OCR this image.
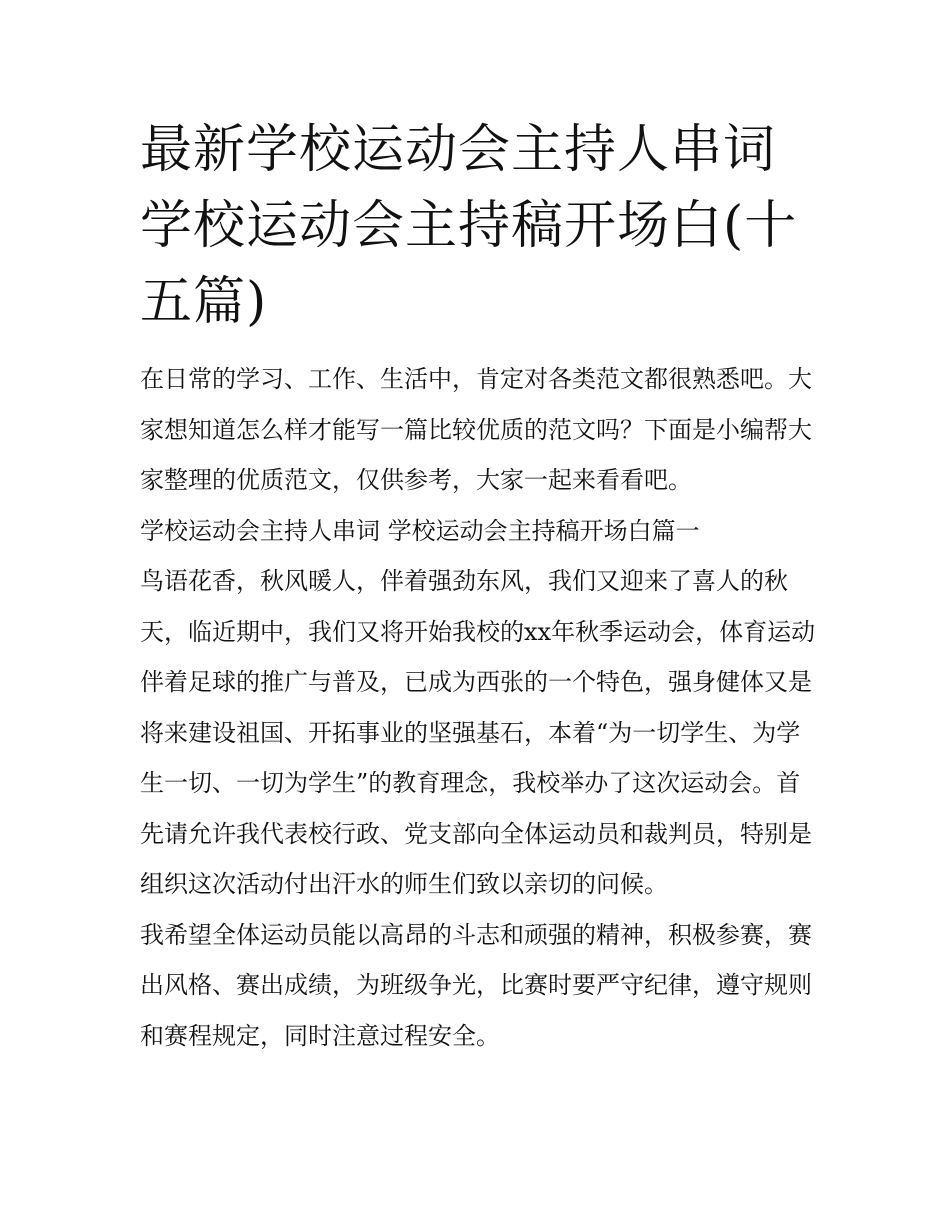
最新学校运动会主持人串词 学校运动会主持稿开场白(十五篇)

在日常的学习、工作、生活中，肯定对各类范文都很熟悉吧。大家想知道怎么样才能写一篇比较优质的范文吗？下面是小编帮大家整理的优质范文，仅供参考，大家一起来看看吧。

学校运动会主持人串词 学校运动会主持稿开场白篇一

鸟语花香，秋风暖人，伴着强劲东风，我们又迎来了喜人的秋天，临近期中，我们又将开始我校的xx年秋季运动会，体育运动伴着足球的推广与普及，已成为西张的一个特色，强身健体又是将来建设祖国、开拓事业的坚强基石，本着“为一切学生、为学生一切、一切为学生”的教育理念，我校举办了这次运动会。首先请允许我代表校行政、党支部向全体运动员和裁判员，特别是组织这次活动付出汗水的师生们致以亲切的问候。

我希望全体运动员能以高昂的斗志和顽强的精神，积极参赛，赛出风格、赛出成绩，为班级争光，比赛时要严守纪律，遵守规则和赛程规定，同时注意过程安全。
